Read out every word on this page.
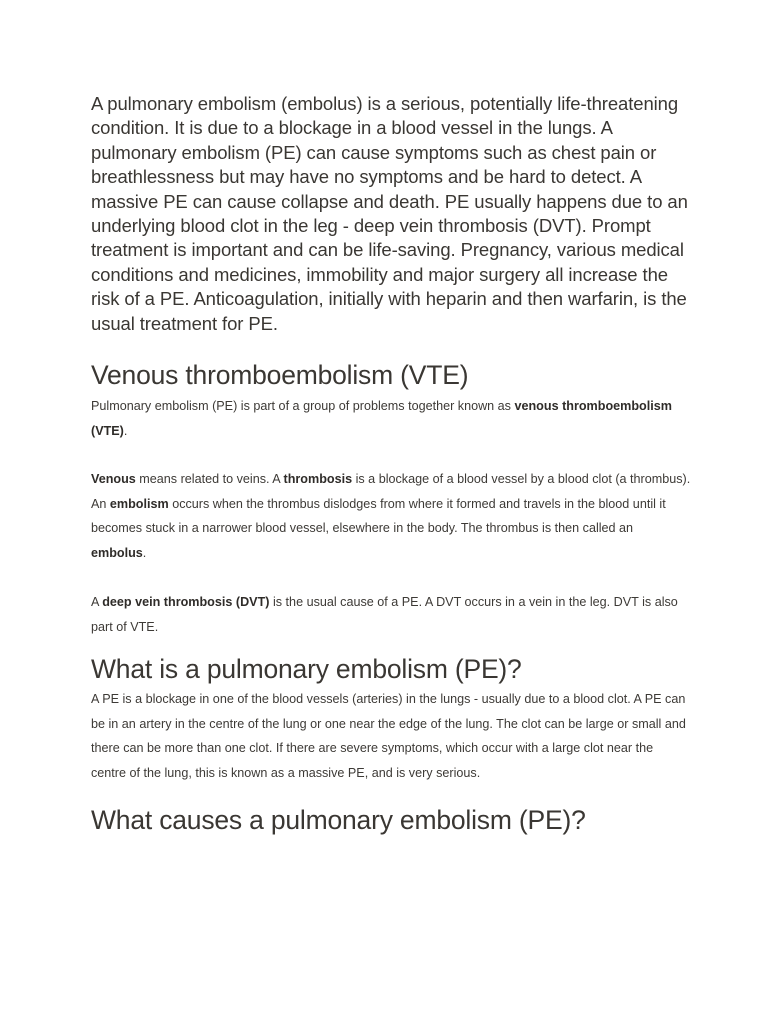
A pulmonary embolism (embolus) is a serious, potentially life-threatening condition. It is due to a blockage in a blood vessel in the lungs. A pulmonary embolism (PE) can cause symptoms such as chest pain or breathlessness but may have no symptoms and be hard to detect. A massive PE can cause collapse and death. PE usually happens due to an underlying blood clot in the leg - deep vein thrombosis (DVT). Prompt treatment is important and can be life-saving. Pregnancy, various medical conditions and medicines, immobility and major surgery all increase the risk of a PE. Anticoagulation, initially with heparin and then warfarin, is the usual treatment for PE.

Venous thromboembolism (VTE)

Pulmonary embolism (PE) is part of a group of problems together known as venous thromboembolism (VTE).

Venous means related to veins. A thrombosis is a blockage of a blood vessel by a blood clot (a thrombus). An embolism occurs when the thrombus dislodges from where it formed and travels in the blood until it becomes stuck in a narrower blood vessel, elsewhere in the body. The thrombus is then called an embolus.

A deep vein thrombosis (DVT) is the usual cause of a PE. A DVT occurs in a vein in the leg. DVT is also part of VTE.

What is a pulmonary embolism (PE)?

A PE is a blockage in one of the blood vessels (arteries) in the lungs - usually due to a blood clot. A PE can be in an artery in the centre of the lung or one near the edge of the lung. The clot can be large or small and there can be more than one clot. If there are severe symptoms, which occur with a large clot near the centre of the lung, this is known as a massive PE, and is very serious.

What causes a pulmonary embolism (PE)?
